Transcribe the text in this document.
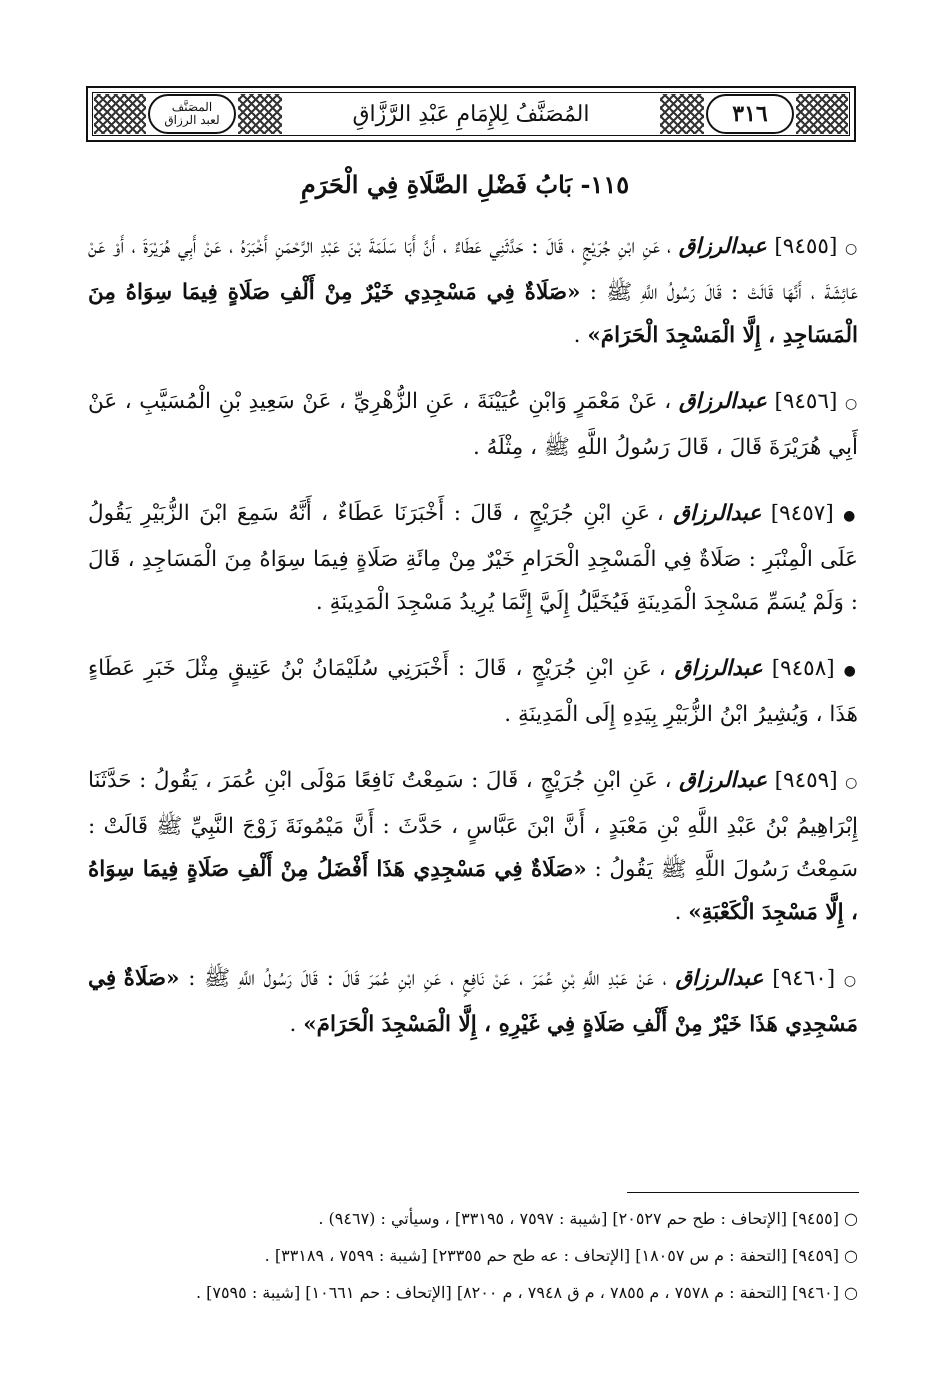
المصَنَّف
لعبد الرزاق	المُصَنَّفُ لِلإِمَامِ عَبْدِ الرَّزَّاقِ	٣١٦
١١٥- بَابُ فَضْلِ الصَّلَاةِ فِي الْحَرَمِ

○ [٩٤٥٥] عبدالرزاق ، عَنِ ابْنِ جُرَيْجٍ ، قَالَ : حَدَّثَنِي عَطَاءٌ ، أَنَّ أَبَا سَلَمَةَ بْنَ عَبْدِ الرَّحْمَنِ أَخْبَرَهُ ، عَنْ أَبِي هُرَيْرَةَ ، أَوْ عَنْ عَائِشَةَ ، أَنَّهَا قَالَتْ : قَالَ رَسُولُ اللَّهِ ﷺ : «صَلَاةٌ فِي مَسْجِدِي خَيْرٌ مِنْ أَلْفِ صَلَاةٍ فِيمَا سِوَاهُ مِنَ الْمَسَاجِدِ ، إِلَّا الْمَسْجِدَ الْحَرَامَ» .

○ [٩٤٥٦] عبدالرزاق ، عَنْ مَعْمَرٍ وَابْنِ عُيَيْنَةَ ، عَنِ الزُّهْرِيِّ ، عَنْ سَعِيدِ بْنِ الْمُسَيَّبِ ، عَنْ أَبِي هُرَيْرَةَ قَالَ ، قَالَ رَسُولُ اللَّهِ ﷺ ، مِثْلَهُ .

● [٩٤٥٧] عبدالرزاق ، عَنِ ابْنِ جُرَيْجٍ ، قَالَ : أَخْبَرَنَا عَطَاءٌ ، أَنَّهُ سَمِعَ ابْنَ الزُّبَيْرِ يَقُولُ عَلَى الْمِنْبَرِ : صَلَاةٌ فِي الْمَسْجِدِ الْحَرَامِ خَيْرٌ مِنْ مِائَةِ صَلَاةٍ فِيمَا سِوَاهُ مِنَ الْمَسَاجِدِ ، قَالَ : وَلَمْ يُسَمِّ مَسْجِدَ الْمَدِينَةِ فَيُخَيَّلُ إِلَيَّ إِنَّمَا يُرِيدُ مَسْجِدَ الْمَدِينَةِ .

● [٩٤٥٨] عبدالرزاق ، عَنِ ابْنِ جُرَيْجٍ ، قَالَ : أَخْبَرَنِي سُلَيْمَانُ بْنُ عَتِيقٍ مِثْلَ خَبَرِ عَطَاءٍ هَذَا ، وَيُشِيرُ ابْنُ الزُّبَيْرِ بِيَدِهِ إِلَى الْمَدِينَةِ .

○ [٩٤٥٩] عبدالرزاق ، عَنِ ابْنِ جُرَيْجٍ ، قَالَ : سَمِعْتُ نَافِعًا مَوْلَى ابْنِ عُمَرَ ، يَقُولُ : حَدَّثَنَا إِبْرَاهِيمُ بْنُ عَبْدِ اللَّهِ بْنِ مَعْبَدٍ ، أَنَّ ابْنَ عَبَّاسٍ ، حَدَّثَ : أَنَّ مَيْمُونَةَ زَوْجَ النَّبِيِّ ﷺ قَالَتْ : سَمِعْتُ رَسُولَ اللَّهِ ﷺ يَقُولُ : «صَلَاةٌ فِي مَسْجِدِي هَذَا أَفْضَلُ مِنْ أَلْفِ صَلَاةٍ فِيمَا سِوَاهُ ، إِلَّا مَسْجِدَ الْكَعْبَةِ» .

○ [٩٤٦٠] عبدالرزاق ، عَنْ عَبْدِ اللَّهِ بْنِ عُمَرَ ، عَنْ نَافِعٍ ، عَنِ ابْنِ عُمَرَ قَالَ : قَالَ رَسُولُ اللَّهِ ﷺ : «صَلَاةٌ فِي مَسْجِدِي هَذَا خَيْرٌ مِنْ أَلْفِ صَلَاةٍ فِي غَيْرِهِ ، إِلَّا الْمَسْجِدَ الْحَرَامَ» .

○ [٩٤٥٥] [الإتحاف : طح حم ٢٠٥٢٧] [شيبة : ٧٥٩٧ ، ٣٣١٩٥] ، وسيأتي : (٩٤٦٧) .

○ [٩٤٥٩] [التحفة : م س ١٨٠٥٧] [الإتحاف : عه طح حم ٢٣٣٥٥] [شيبة : ٧٥٩٩ ، ٣٣١٨٩] .

○ [٩٤٦٠] [التحفة : م ٧٥٧٨ ، م ٧٨٥٥ ، م ق ٧٩٤٨ ، م ٨٢٠٠] [الإتحاف : حم ١٠٦٦١] [شيبة : ٧٥٩٥] .
